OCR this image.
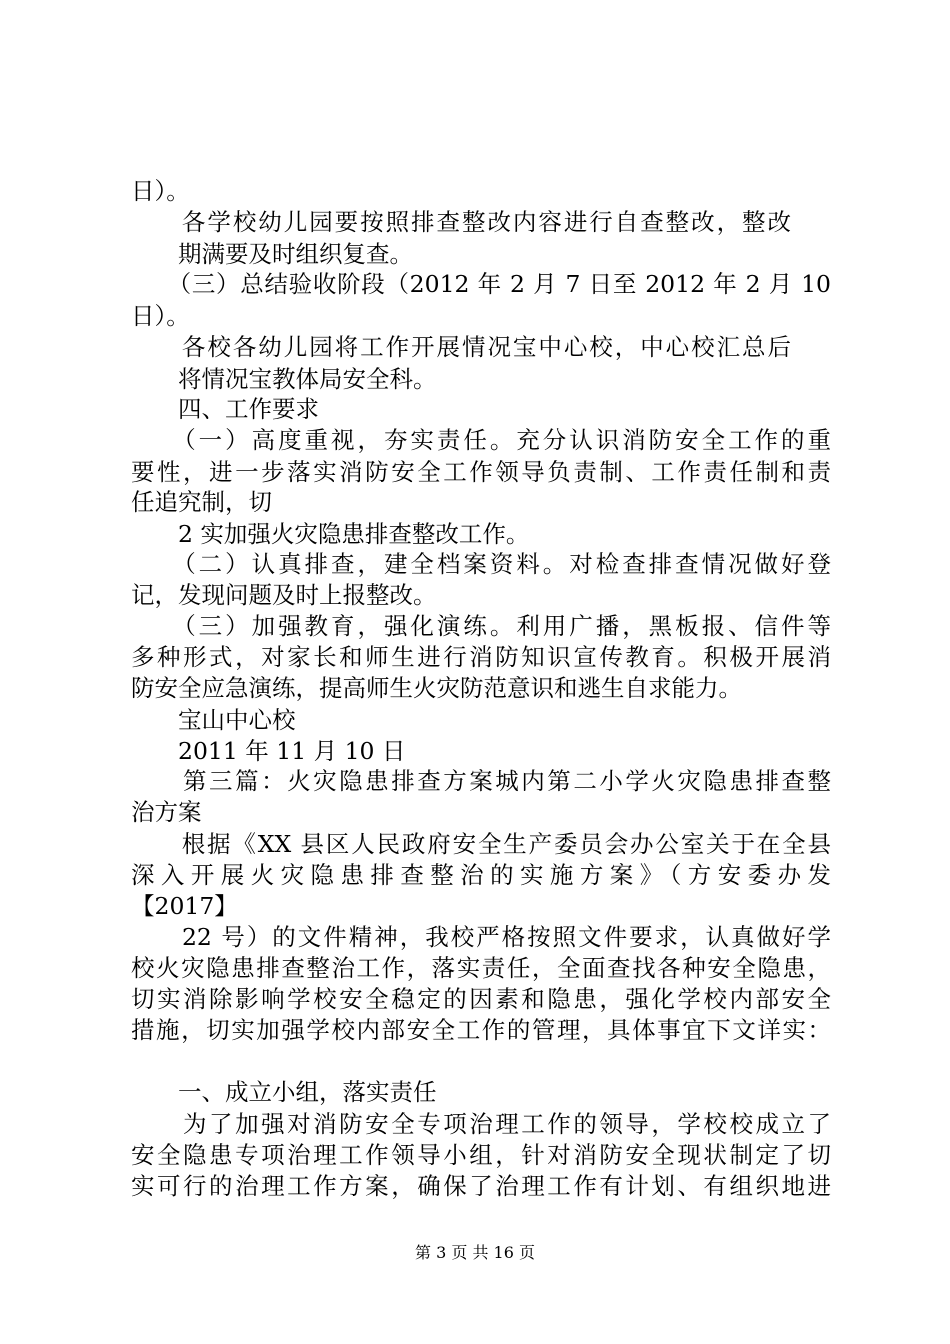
日）。
　　各学校幼儿园要按照排查整改内容进行自查整改，整改
　　期满要及时组织复查。
　　（三）总结验收阶段（2012 年 2 月 7 日至 2012 年 2 月 10
日）。
　　各校各幼儿园将工作开展情况宝中心校，中心校汇总后
　　将情况宝教体局安全科。
　　四、工作要求
　　（一）高度重视，夯实责任。充分认识消防安全工作的重
要性，进一步落实消防安全工作领导负责制、工作责任制和责
任追究制，切
　　2 实加强火灾隐患排查整改工作。
　　（二）认真排查，建全档案资料。对检查排查情况做好登
记，发现问题及时上报整改。
　　（三）加强教育，强化演练。利用广播，黑板报、信件等
多种形式，对家长和师生进行消防知识宣传教育。积极开展消
防安全应急演练，提高师生火灾防范意识和逃生自求能力。
　　宝山中心校
　　2011 年 11 月 10 日
　　第三篇：火灾隐患排查方案城内第二小学火灾隐患排查整
治方案
　　根据《XX 县区人民政府安全生产委员会办公室关于在全县
深入开展火灾隐患排查整治的实施方案》（方安委办发
【2017】
　　22 号）的文件精神，我校严格按照文件要求，认真做好学
校火灾隐患排查整治工作，落实责任，全面查找各种安全隐患，
切实消除影响学校安全稳定的因素和隐患，强化学校内部安全
措施，切实加强学校内部安全工作的管理，具体事宜下文详实：
　　一、成立小组，落实责任
　　为了加强对消防安全专项治理工作的领导，学校校成立了
安全隐患专项治理工作领导小组，针对消防安全现状制定了切
实可行的治理工作方案，确保了治理工作有计划、有组织地进
第 3 页 共 16 页
